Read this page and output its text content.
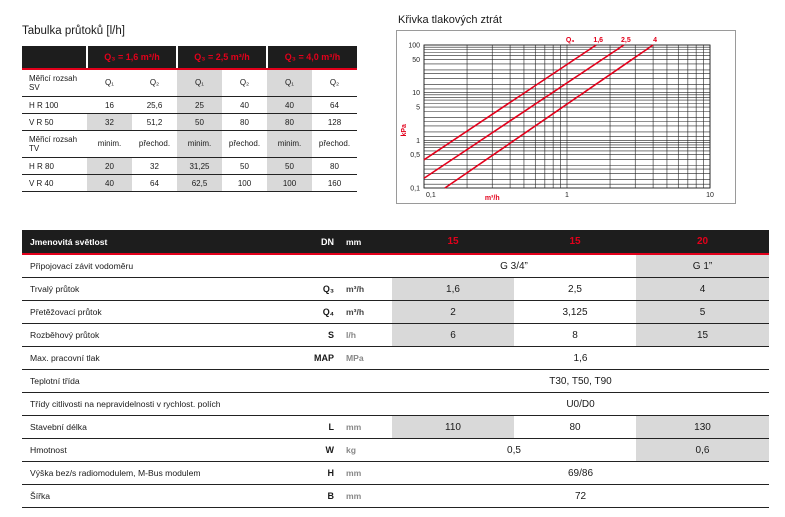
Tabulka průtoků [l/h]
	Q₃ = 1,6 m³/h		Q₃ = 2,5 m³/h		Q₃ = 4,0 m³/h	
Měřicí rozsah SV	Q₁	Q₂	Q₁	Q₂	Q₁	Q₂
H R 100	16	25,6	25	40	40	64
V R 50	32	51,2	50	80	80	128
Měřicí rozsah TV	minim.	přechod.	minim.	přechod.	minim.	přechod.
H R 80	20	32	31,25	50	50	80
V R 40	40	64	62,5	100	100	160
Křivka tlakových ztrát
100
50
10
5
1
0,5
0,1
0,1	1	10
kPa
m³/h
1,6	2,5	4
Q₃
Jmenovitá světlost	DN	mm	15	15	20
Připojovací závit vodoměru			G 3/4”		G 1”
Trvalý průtok	Q₃	m³/h	1,6	2,5	4
Přetěžovací průtok	Q₄	m³/h	2	3,125	5
Rozběhový průtok	S	l/h	6	8	15
Max. pracovní tlak	MAP	MPa	1,6		
Teplotní třída			T30, T50, T90		
Třídy citlivosti na nepravidelnosti v rychlost. polích			U0/D0		
Stavební délka	L	mm	110	80	130
Hmotnost	W	kg	0,5		0,6
Výška bez/s radiomodulem, M-Bus modulem	H	mm	69/86		
Šířka	B	mm	72		
